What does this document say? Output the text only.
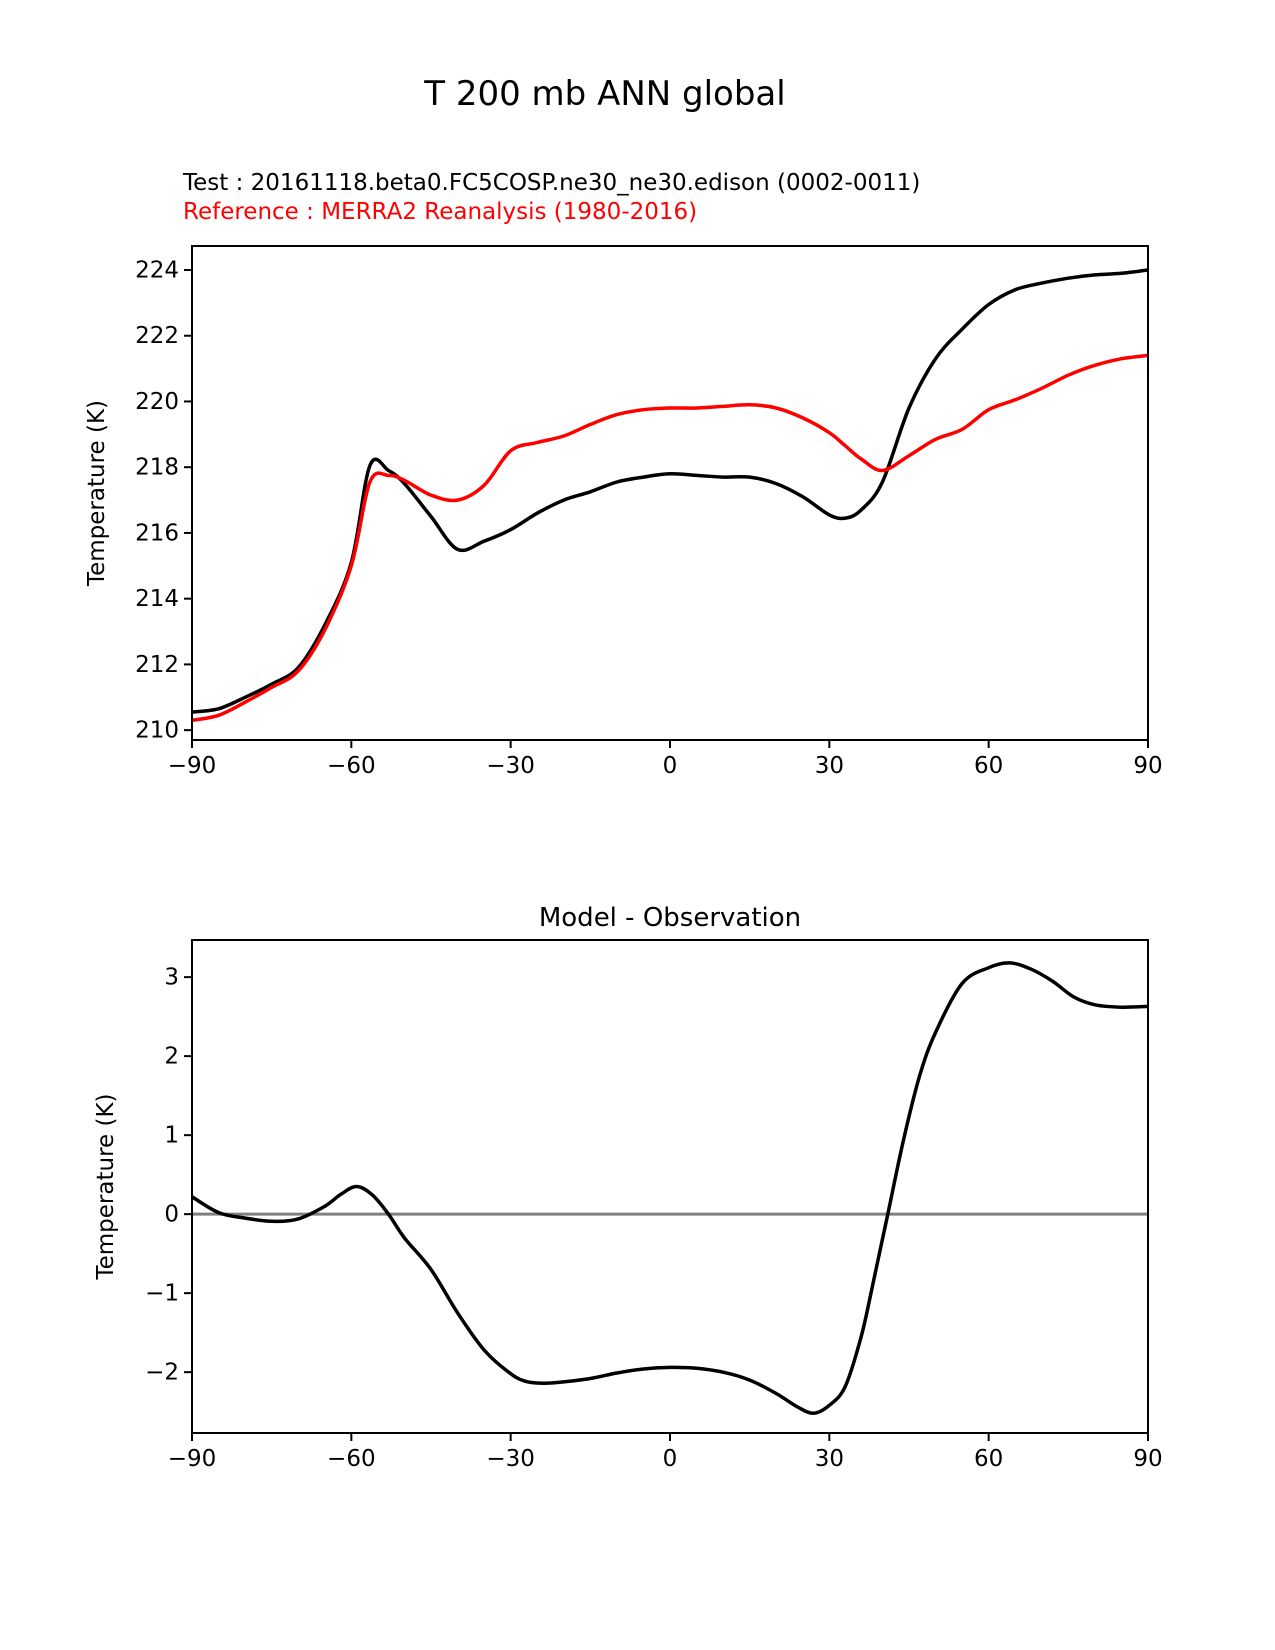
T 200 mb ANN global
Test : 20161118.beta0.FC5COSP.ne30_ne30.edison (0002-0011)
Reference : MERRA2 Reanalysis (1980-2016)
−90	−60	−30	0	30	60	90
210
212
214
216
218
220
222
224
Temperature (K)
−90	−60	−30	0	30	60	90
−2
−1
0
1
2
3
Model - Observation
Temperature (K)
